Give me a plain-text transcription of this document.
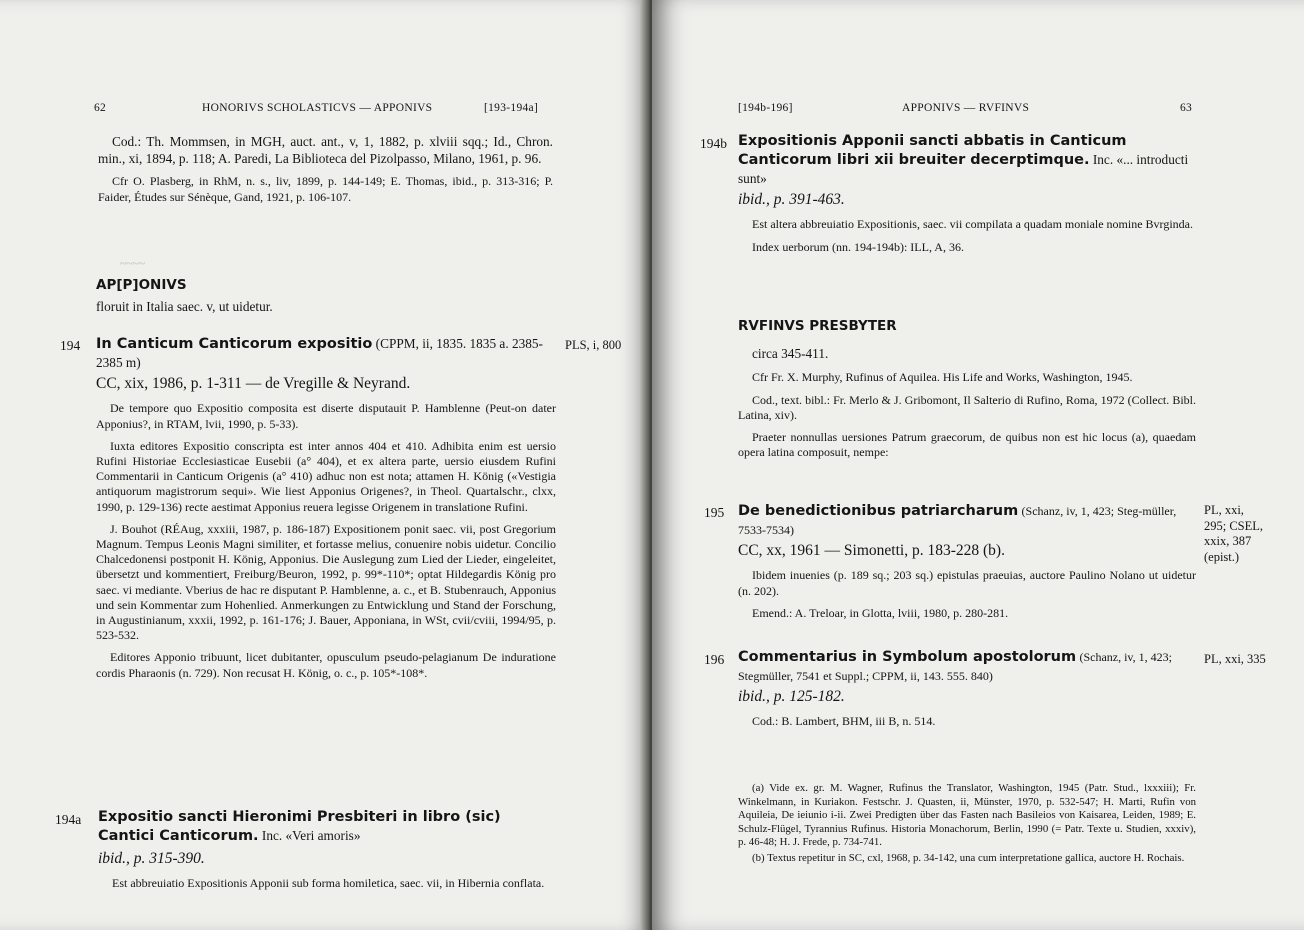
~~~~
62	HONORIVS SCHOLASTICVS — APPONIVS	[193-194a]

Cod.: Th. Mommsen, in MGH, auct. ant., v, 1, 1882, p. xlviii sqq.; Id., Chron. min., xi, 1894, p. 118; A. Paredi, La Biblioteca del Pizolpasso, Milano, 1961, p. 96.

Cfr O. Plasberg, in RhM, n. s., liv, 1899, p. 144-149; E. Thomas, ibid., p. 313-316; P. Faider, Études sur Sénèque, Gand, 1921, p. 106-107.

AP[P]ONIVS
floruit in Italia saec. v, ut uidetur.
194	PLS, i, 800
In Canticum Canticorum expositio (CPPM, ii, 1835. 1835 a. 2385-2385 m)
CC, xix, 1986, p. 1-311 — de Vregille & Neyrand.

De tempore quo Expositio composita est diserte disputauit P. Hamblenne (Peut-on dater Apponius?, in RTAM, lvii, 1990, p. 5-33).

Iuxta editores Expositio conscripta est inter annos 404 et 410. Adhibita enim est uersio Rufini Historiae Ecclesiasticae Eusebii (a° 404), et ex altera parte, uersio eiusdem Rufini Commentarii in Canticum Origenis (a° 410) adhuc non est nota; attamen H. König («Vestigia antiquorum magistrorum sequi». Wie liest Apponius Origenes?, in Theol. Quartalschr., clxx, 1990, p. 129-136) recte aestimat Apponius reuera legisse Origenem in translatione Rufini.

J. Bouhot (RÉAug, xxxiii, 1987, p. 186-187) Expositionem ponit saec. vii, post Gregorium Magnum. Tempus Leonis Magni similiter, et fortasse melius, conuenire nobis uidetur. Concilio Chalcedonensi postponit H. König, Apponius. Die Auslegung zum Lied der Lieder, eingeleitet, übersetzt und kommentiert, Freiburg/Beuron, 1992, p. 99*-110*; optat Hildegardis König pro saec. vi mediante. Vberius de hac re disputant P. Hamblenne, a. c., et B. Stubenrauch, Apponius und sein Kommentar zum Hohenlied. Anmerkungen zu Entwicklung und Stand der Forschung, in Augustinianum, xxxii, 1992, p. 161-176; J. Bauer, Apponiana, in WSt, cvii/cviii, 1994/95, p. 523-532.

Editores Apponio tribuunt, licet dubitanter, opusculum pseudo-pelagianum De induratione cordis Pharaonis (n. 729). Non recusat H. König, o. c., p. 105*-108*.

194a Expositio sancti Hieronimi Presbiteri in libro (sic) Cantici Canticorum. Inc. «Veri amoris»
ibid., p. 315-390.

Est abbreuiatio Expositionis Apponii sub forma homiletica, saec. vii, in Hibernia conflata.

[194b-196]	APPONIVS — RVFINVS	63
194b Expositionis Apponii sancti abbatis in Canticum Canticorum libri xii breuiter decerptimque. Inc. «... introducti sunt»
ibid., p. 391-463.

Est altera abbreuiatio Expositionis, saec. vii compilata a quadam moniale nomine Bvrginda.

Index uerborum (nn. 194-194b): ILL, A, 36.

RVFINVS PRESBYTER
circa 345-411.

Cfr Fr. X. Murphy, Rufinus of Aquilea. His Life and Works, Washington, 1945.

Cod., text. bibl.: Fr. Merlo & J. Gribomont, Il Salterio di Rufino, Roma, 1972 (Collect. Bibl. Latina, xiv).

Praeter nonnullas uersiones Patrum graecorum, de quibus non est hic locus (a), quaedam opera latina composuit, nempe:

195	PL, xxi,
295; CSEL,
xxix, 387
(epist.)
De benedictionibus patriarcharum (Schanz, iv, 1, 423; Steg-müller, 7533-7534)
CC, xx, 1961 — Simonetti, p. 183-228 (b).

Ibidem inuenies (p. 189 sq.; 203 sq.) epistulas praeuias, auctore Paulino Nolano ut uidetur (n. 202).

Emend.: A. Treloar, in Glotta, lviii, 1980, p. 280-281.

196	PL, xxi, 335
Commentarius in Symbolum apostolorum (Schanz, iv, 1, 423; Stegmüller, 7541 et Suppl.; CPPM, ii, 143. 555. 840)
ibid., p. 125-182.

Cod.: B. Lambert, BHM, iii B, n. 514.

(a) Vide ex. gr. M. Wagner, Rufinus the Translator, Washington, 1945 (Patr. Stud., lxxxiii); Fr. Winkelmann, in Kuriakon. Festschr. J. Quasten, ii, Münster, 1970, p. 532-547; H. Marti, Rufin von Aquileia, De ieiunio i-ii. Zwei Predigten über das Fasten nach Basileios von Kaisarea, Leiden, 1989; E. Schulz-Flügel, Tyrannius Rufinus. Historia Monachorum, Berlin, 1990 (= Patr. Texte u. Studien, xxxiv), p. 46-48; H. J. Frede, p. 734-741.

(b) Textus repetitur in SC, cxl, 1968, p. 34-142, una cum interpretatione gallica, auctore H. Rochais.
